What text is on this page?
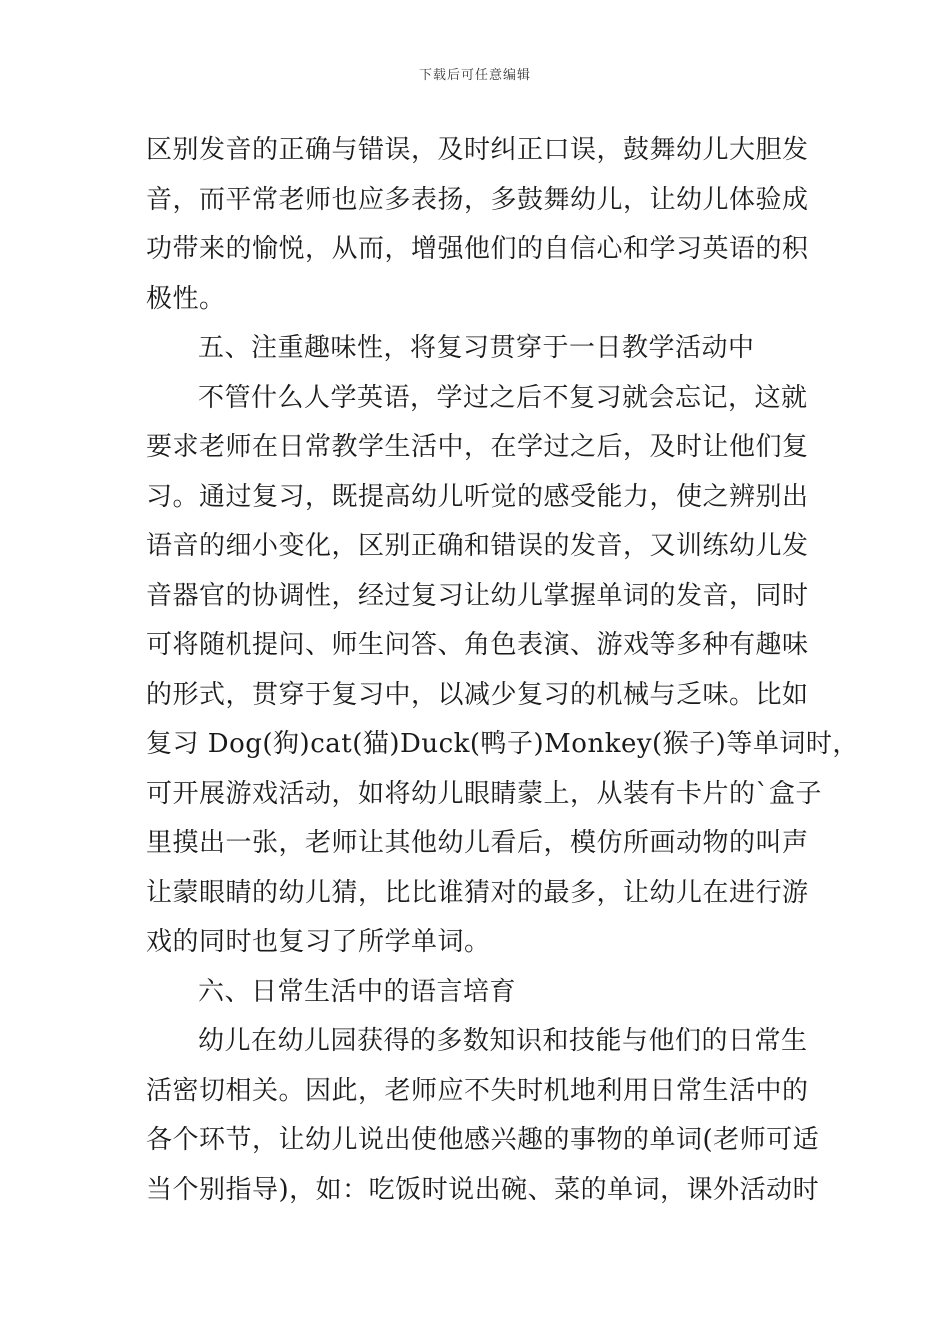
下载后可任意编辑
区别发音的正确与错误，及时纠正口误，鼓舞幼儿大胆发
音，而平常老师也应多表扬，多鼓舞幼儿，让幼儿体验成
功带来的愉悦，从而，增强他们的自信心和学习英语的积
极性。
五、注重趣味性，将复习贯穿于一日教学活动中
不管什么人学英语，学过之后不复习就会忘记，这就
要求老师在日常教学生活中，在学过之后，及时让他们复
习。通过复习，既提高幼儿听觉的感受能力，使之辨别出
语音的细小变化，区别正确和错误的发音，又训练幼儿发
音器官的协调性，经过复习让幼儿掌握单词的发音，同时
可将随机提问、师生问答、角色表演、游戏等多种有趣味
的形式，贯穿于复习中，以减少复习的机械与乏味。比如
复习 Dog(狗)cat(猫)Duck(鸭子)Monkey(猴子)等单词时，
可开展游戏活动，如将幼儿眼睛蒙上，从装有卡片的`盒子
里摸出一张，老师让其他幼儿看后，模仿所画动物的叫声
让蒙眼睛的幼儿猜，比比谁猜对的最多，让幼儿在进行游
戏的同时也复习了所学单词。
六、日常生活中的语言培育
幼儿在幼儿园获得的多数知识和技能与他们的日常生
活密切相关。因此，老师应不失时机地利用日常生活中的
各个环节，让幼儿说出使他感兴趣的事物的单词(老师可适
当个别指导)，如：吃饭时说出碗、菜的单词，课外活动时
